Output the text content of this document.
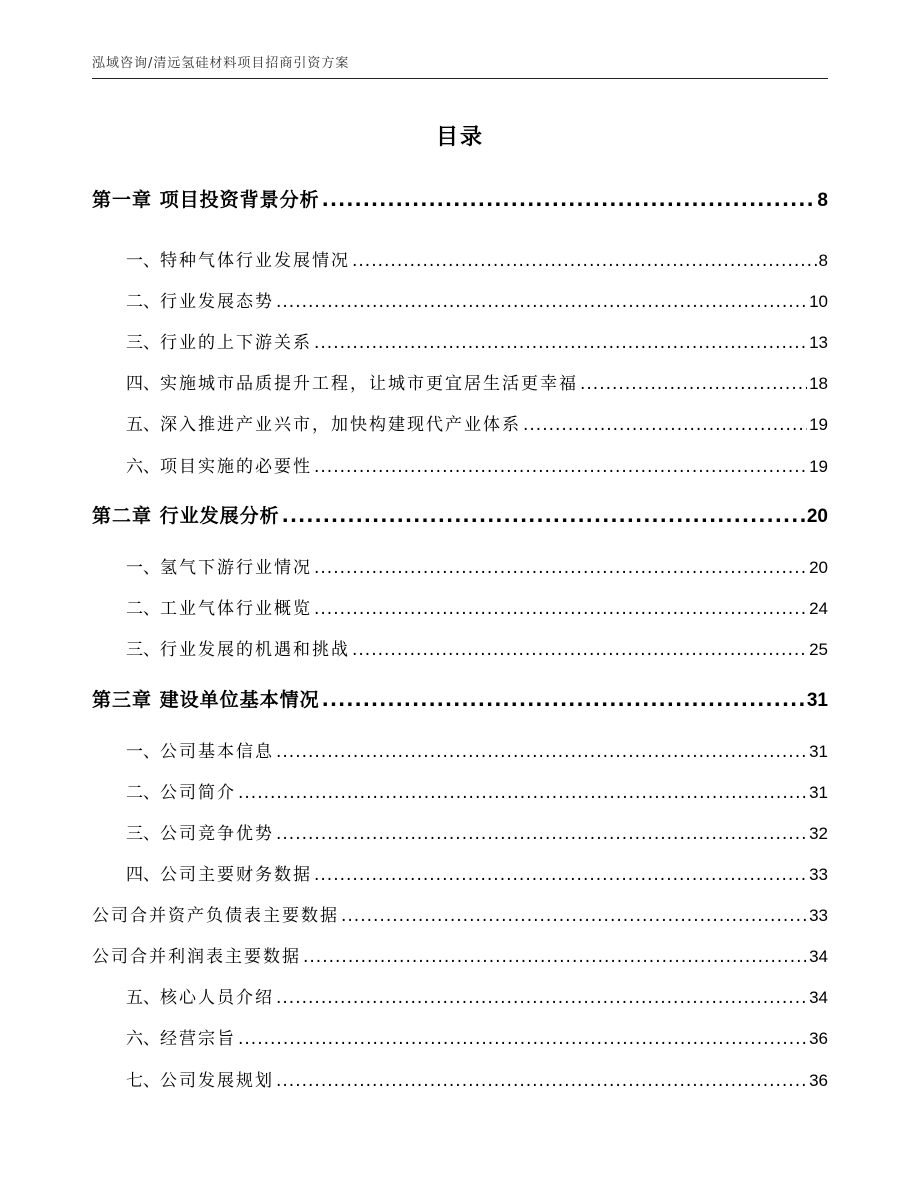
泓域咨询/清远氢硅材料项目招商引资方案
目录
第一章 项目投资背景分析 .....	8
一、 特种气体行业发展情况 .....	8
二、 行业发展态势 .....	10
三、 行业的上下游关系 .....	13
四、 实施城市品质提升工程，让城市更宜居生活更幸福 .....	18
五、 深入推进产业兴市，加快构建现代产业体系 .....	19
六、 项目实施的必要性 .....	19
第二章 行业发展分析 .....	20
一、 氢气下游行业情况 .....	20
二、 工业气体行业概览 .....	24
三、 行业发展的机遇和挑战 .....	25
第三章 建设单位基本情况 .....	31
一、 公司基本信息 .....	31
二、 公司简介 .....	31
三、 公司竞争优势 .....	32
四、 公司主要财务数据 .....	33
公司合并资产负债表主要数据 .....	33
公司合并利润表主要数据 .....	34
五、 核心人员介绍 .....	34
六、 经营宗旨 .....	36
七、 公司发展规划 .....	36
